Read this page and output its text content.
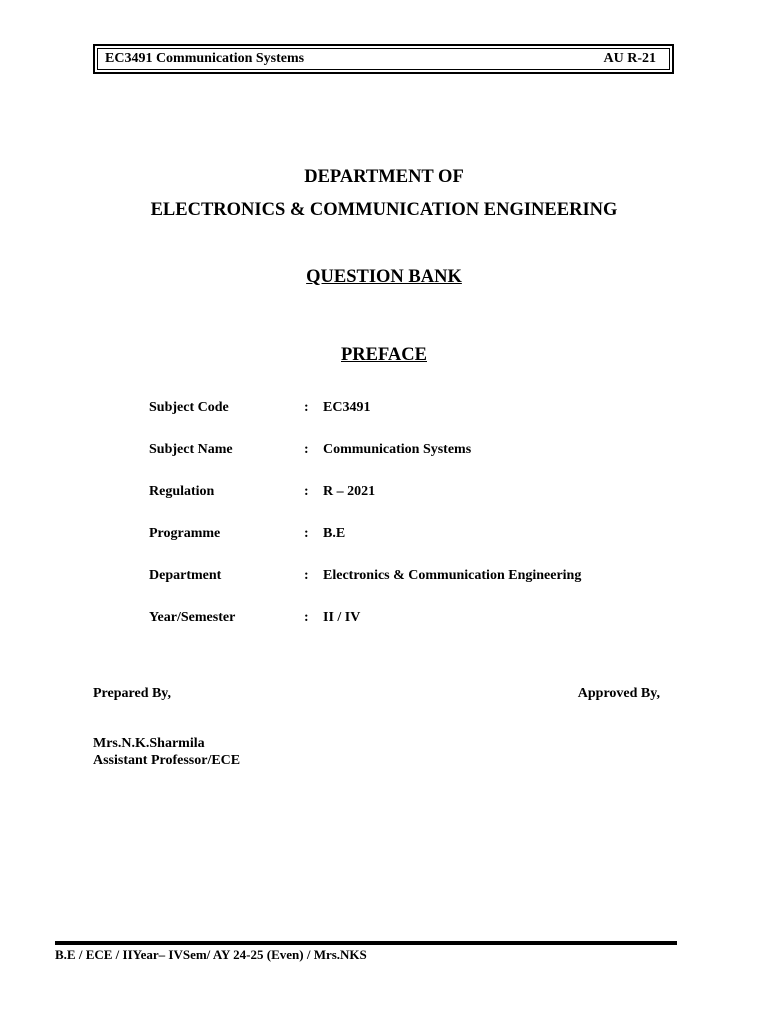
EC3491 Communication Systems	AU R-21
DEPARTMENT OF
ELECTRONICS & COMMUNICATION ENGINEERING
QUESTION BANK
PREFACE
Subject Code	: EC3491
Subject Name	: Communication Systems
Regulation	: R – 2021
Programme	: B.E
Department	: Electronics & Communication Engineering
Year/Semester	: II / IV
Prepared By,	Approved By,
Mrs.N.K.Sharmila
Assistant Professor/ECE
B.E / ECE / IIYear– IVSem/ AY 24-25 (Even) / Mrs.NKS
